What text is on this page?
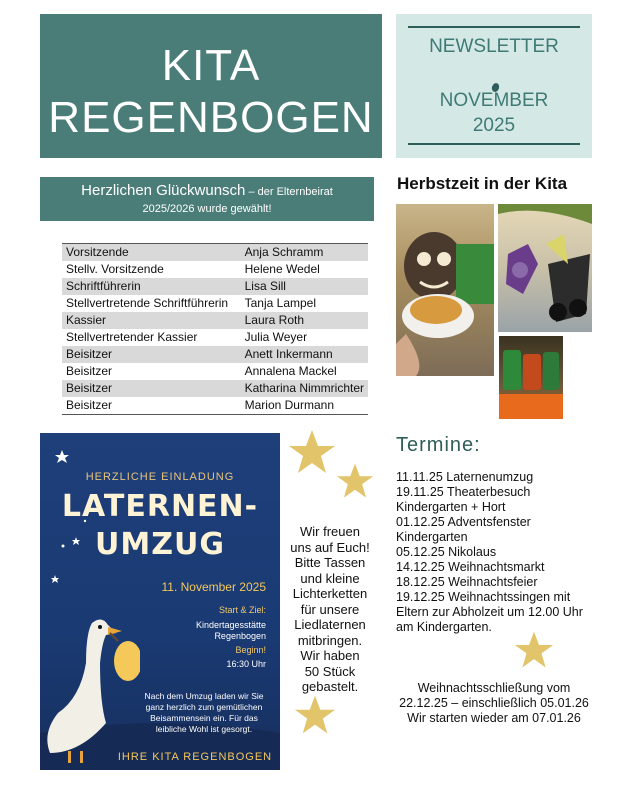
KITA
REGENBOGEN
NEWSLETTER
NOVEMBER
2025
Herzlichen Glückwunsch – der Elternbeirat
2025/2026 wurde gewählt!
Vorsitzende	Anja Schramm
Stellv. Vorsitzende	Helene Wedel
Schriftführerin	Lisa Sill
Stellvertretende Schriftführerin	Tanja Lampel
Kassier	Laura Roth
Stellvertretender Kassier	Julia Weyer
Beisitzer	Anett Inkermann
Beisitzer	Annalena Mackel
Beisitzer	Katharina Nimmrichter
Beisitzer	Marion Durmann
Herbstzeit in der Kita
HERZLICHE EINLADUNG
LATERNEN-
UMZUG
11. November 2025
Start & Ziel:
Kindertagesstätte
Regenbogen
Beginn!
16:30 Uhr
Nach dem Umzug laden wir Sie ganz herzlich zum gemütlichen Beisammensein ein. Für das leibliche Wohl ist gesorgt.
IHRE KITA REGENBOGEN
Wir freuen
uns auf Euch!
Bitte Tassen
und kleine
Lichterketten
für unsere
Liedlaternen
mitbringen.
Wir haben
50 Stück
gebastelt.
Termine:
11.11.25 Laternenumzug
19.11.25 Theaterbesuch
Kindergarten + Hort
01.12.25 Adventsfenster
Kindergarten
05.12.25 Nikolaus
14.12.25 Weihnachtsmarkt
18.12.25 Weihnachtsfeier
19.12.25 Weihnachtssingen mit
Eltern zur Abholzeit um 12.00 Uhr
am Kindergarten.
Weihnachtsschließung vom
22.12.25 – einschließlich 05.01.26
Wir starten wieder am 07.01.26
